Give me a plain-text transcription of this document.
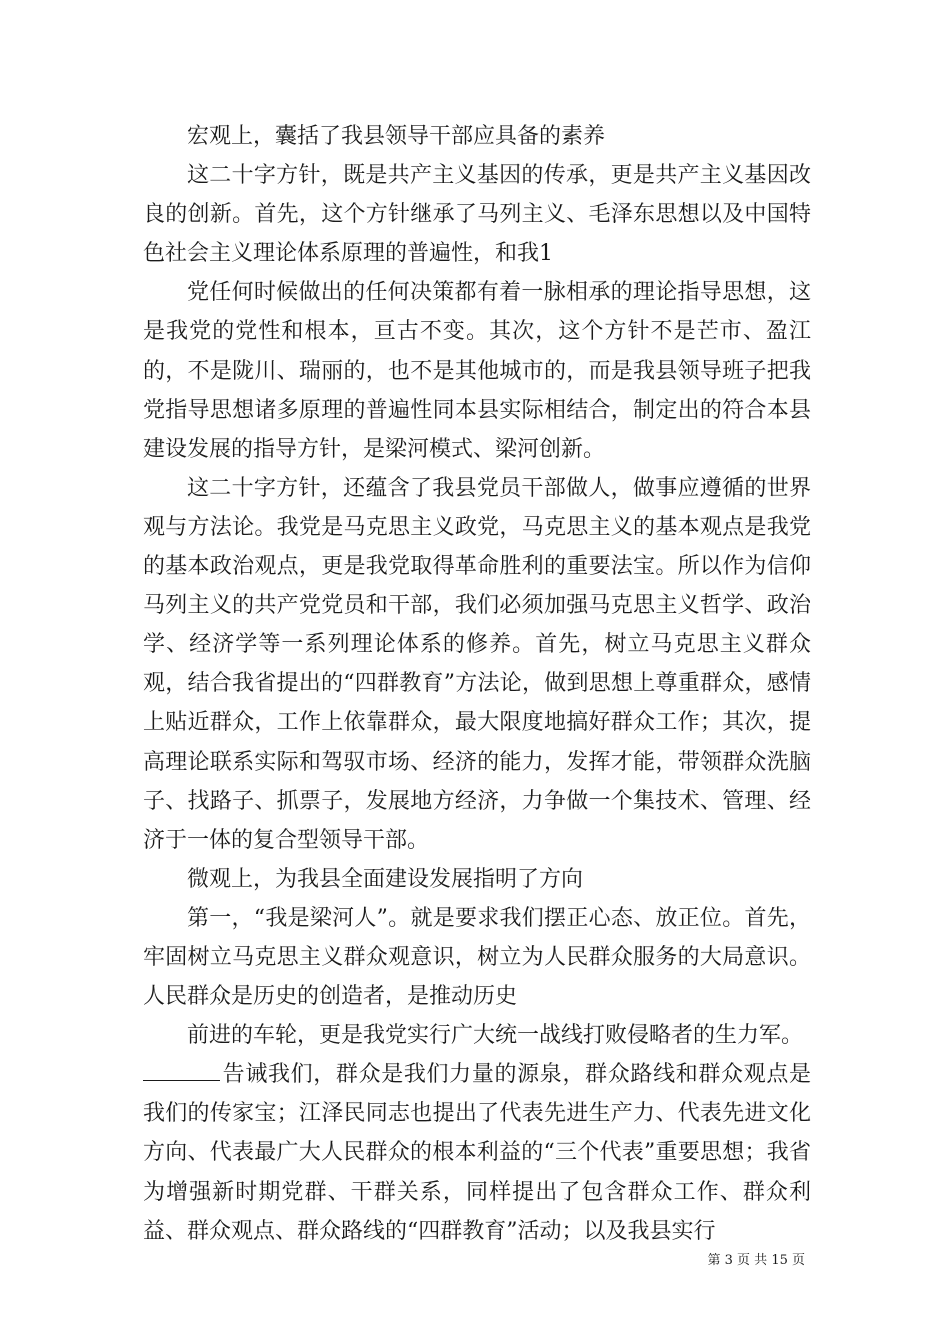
宏观上，囊括了我县领导干部应具备的素养

这二十字方针，既是共产主义基因的传承，更是共产主义基因改良的创新。首先，这个方针继承了马列主义、毛泽东思想以及中国特色社会主义理论体系原理的普遍性，和我1

党任何时候做出的任何决策都有着一脉相承的理论指导思想，这是我党的党性和根本，亘古不变。其次，这个方针不是芒市、盈江的，不是陇川、瑞丽的，也不是其他城市的，而是我县领导班子把我党指导思想诸多原理的普遍性同本县实际相结合，制定出的符合本县建设发展的指导方针，是梁河模式、梁河创新。

这二十字方针，还蕴含了我县党员干部做人，做事应遵循的世界观与方法论。我党是马克思主义政党，马克思主义的基本观点是我党的基本政治观点，更是我党取得革命胜利的重要法宝。所以作为信仰马列主义的共产党党员和干部，我们必须加强马克思主义哲学、政治学、经济学等一系列理论体系的修养。首先，树立马克思主义群众观，结合我省提出的“四群教育”方法论，做到思想上尊重群众，感情上贴近群众，工作上依靠群众，最大限度地搞好群众工作；其次，提高理论联系实际和驾驭市场、经济的能力，发挥才能，带领群众洗脑子、找路子、抓票子，发展地方经济，力争做一个集技术、管理、经济于一体的复合型领导干部。

微观上，为我县全面建设发展指明了方向

第一，“我是梁河人”。就是要求我们摆正心态、放正位。首先，牢固树立马克思主义群众观意识，树立为人民群众服务的大局意识。人民群众是历史的创造者，是推动历史

前进的车轮，更是我党实行广大统一战线打败侵略者的生力军。

告诫我们，群众是我们力量的源泉，群众路线和群众观点是我们的传家宝；江泽民同志也提出了代表先进生产力、代表先进文化方向、代表最广大人民群众的根本利益的“三个代表”重要思想；我省为增强新时期党群、干群关系，同样提出了包含群众工作、群众利益、群众观点、群众路线的“四群教育”活动；以及我县实行

第 3 页 共 15 页
